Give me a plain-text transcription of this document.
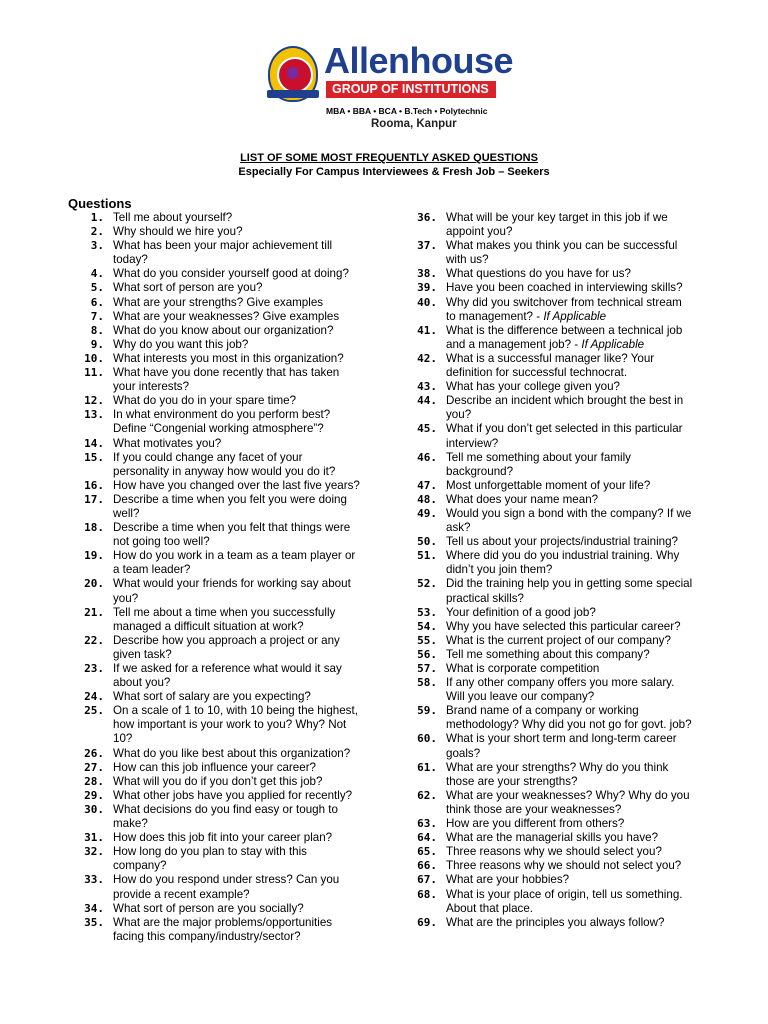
Allenhouse
GROUP OF INSTITUTIONS
MBA • BBA • BCA • B.Tech • Polytechnic
Rooma, Kanpur
LIST OF SOME MOST FREQUENTLY ASKED QUESTIONS
Especially For Campus Interviewees & Fresh Job – Seekers
Questions
1. Tell me about yourself?
2. Why should we hire you?
3. What has been your major achievement till
today?
4. What do you consider yourself good at doing?
5. What sort of person are you?
6. What are your strengths? Give examples
7. What are your weaknesses? Give examples
8. What do you know about our organization?
9. Why do you want this job?
10. What interests you most in this organization?
11. What have you done recently that has taken
your interests?
12. What do you do in your spare time?
13. In what environment do you perform best?
Define “Congenial working atmosphere”?
14. What motivates you?
15. If you could change any facet of your
personality in anyway how would you do it?
16. How have you changed over the last five years?
17. Describe a time when you felt you were doing
well?
18. Describe a time when you felt that things were
not going too well?
19. How do you work in a team as a team player or
a team leader?
20. What would your friends for working say about
you?
21. Tell me about a time when you successfully
managed a difficult situation at work?
22. Describe how you approach a project or any
given task?
23. If we asked for a reference what would it say
about you?
24. What sort of salary are you expecting?
25. On a scale of 1 to 10, with 10 being the highest,
how important is your work to you? Why? Not
10?
26. What do you like best about this organization?
27. How can this job influence your career?
28. What will you do if you don’t get this job?
29. What other jobs have you applied for recently?
30. What decisions do you find easy or tough to
make?
31. How does this job fit into your career plan?
32. How long do you plan to stay with this
company?
33. How do you respond under stress? Can you
provide a recent example?
34. What sort of person are you socially?
35. What are the major problems/opportunities
facing this company/industry/sector?
36. What will be your key target in this job if we
appoint you?
37. What makes you think you can be successful
with us?
38. What questions do you have for us?
39. Have you been coached in interviewing skills?
40. Why did you switchover from technical stream
to management? - If Applicable
41. What is the difference between a technical job
and a management job? - If Applicable
42. What is a successful manager like? Your
definition for successful technocrat.
43. What has your college given you?
44. Describe an incident which brought the best in
you?
45. What if you don’t get selected in this particular
interview?
46. Tell me something about your family
background?
47. Most unforgettable moment of your life?
48. What does your name mean?
49. Would you sign a bond with the company? If we
ask?
50. Tell us about your projects/industrial training?
51. Where did you do you industrial training. Why
didn’t you join them?
52. Did the training help you in getting some special
practical skills?
53. Your definition of a good job?
54. Why you have selected this particular career?
55. What is the current project of our company?
56. Tell me something about this company?
57. What is corporate competition
58. If any other company offers you more salary.
Will you leave our company?
59. Brand name of a company or working
methodology? Why did you not go for govt. job?
60. What is your short term and long-term career
goals?
61. What are your strengths? Why do you think
those are your strengths?
62. What are your weaknesses? Why? Why do you
think those are your weaknesses?
63. How are you different from others?
64. What are the managerial skills you have?
65. Three reasons why we should select you?
66. Three reasons why we should not select you?
67. What are your hobbies?
68. What is your place of origin, tell us something.
About that place.
69. What are the principles you always follow?
